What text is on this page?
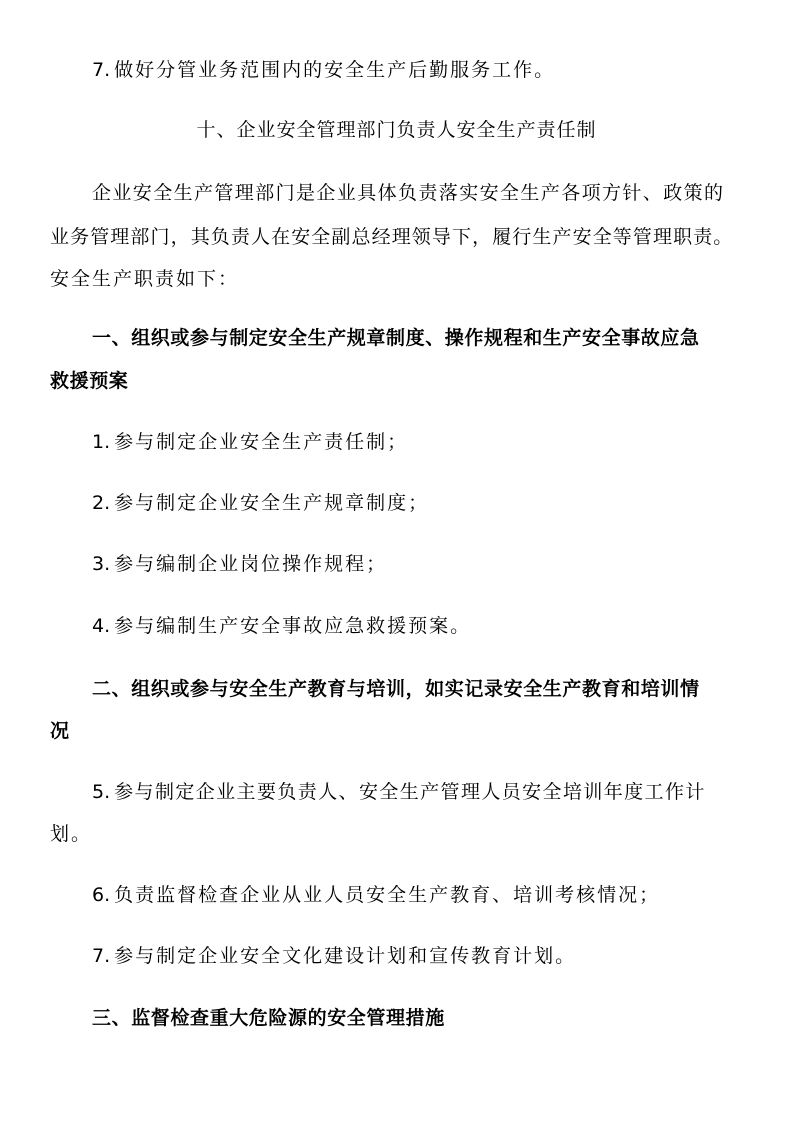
7. 做好分管业务范围内的安全生产后勤服务工作。
十、企业安全管理部门负责人安全生产责任制
企业安全生产管理部门是企业具体负责落实安全生产各项方针、政策的
业务管理部门，其负责人在安全副总经理领导下，履行生产安全等管理职责。
安全生产职责如下：
一、组织或参与制定安全生产规章制度、操作规程和生产安全事故应急
救援预案
1. 参与制定企业安全生产责任制；
2. 参与制定企业安全生产规章制度；
3. 参与编制企业岗位操作规程；
4. 参与编制生产安全事故应急救援预案。
二、组织或参与安全生产教育与培训，如实记录安全生产教育和培训情
况
5. 参与制定企业主要负责人、安全生产管理人员安全培训年度工作计
划。
6. 负责监督检查企业从业人员安全生产教育、培训考核情况；
7. 参与制定企业安全文化建设计划和宣传教育计划。
三、监督检查重大危险源的安全管理措施
